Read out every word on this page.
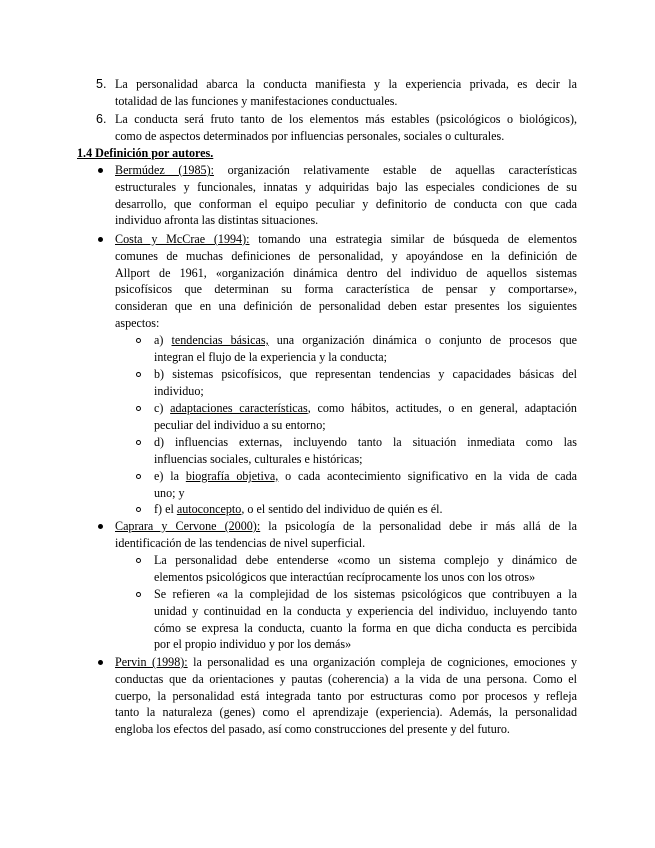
5. La personalidad abarca la conducta manifiesta y la experiencia privada, es decir la
totalidad de las funciones y manifestaciones conductuales.
6. La conducta será fruto tanto de los elementos más estables (psicológicos o biológicos),
como de aspectos determinados por influencias personales, sociales o culturales.
1.4 Definición por autores.
Bermúdez (1985): organización relativamente estable de aquellas características
estructurales y funcionales, innatas y adquiridas bajo las especiales condiciones de su
desarrollo, que conforman el equipo peculiar y definitorio de conducta con que cada
individuo afronta las distintas situaciones.
Costa y McCrae (1994): tomando una estrategia similar de búsqueda de elementos
comunes de muchas definiciones de personalidad, y apoyándose en la definición de
Allport de 1961, «organización dinámica dentro del individuo de aquellos sistemas
psicofísicos que determinan su forma característica de pensar y comportarse»,
consideran que en una definición de personalidad deben estar presentes los siguientes
aspectos:
a) tendencias básicas, una organización dinámica o conjunto de procesos que
integran el flujo de la experiencia y la conducta;
b) sistemas psicofísicos, que representan tendencias y capacidades básicas del
individuo;
c) adaptaciones características, como hábitos, actitudes, o en general, adaptación
peculiar del individuo a su entorno;
d) influencias externas, incluyendo tanto la situación inmediata como las
influencias sociales, culturales e históricas;
e) la biografía objetiva, o cada acontecimiento significativo en la vida de cada
uno; y
f) el autoconcepto, o el sentido del individuo de quién es él.
Caprara y Cervone (2000): la psicología de la personalidad debe ir más allá de la
identificación de las tendencias de nivel superficial.
La personalidad debe entenderse «como un sistema complejo y dinámico de
elementos psicológicos que interactúan recíprocamente los unos con los otros»
Se refieren «a la complejidad de los sistemas psicológicos que contribuyen a la
unidad y continuidad en la conducta y experiencia del individuo, incluyendo tanto
cómo se expresa la conducta, cuanto la forma en que dicha conducta es percibida
por el propio individuo y por los demás»
Pervin (1998): la personalidad es una organización compleja de cogniciones, emociones y
conductas que da orientaciones y pautas (coherencia) a la vida de una persona. Como el
cuerpo, la personalidad está integrada tanto por estructuras como por procesos y refleja
tanto la naturaleza (genes) como el aprendizaje (experiencia). Además, la personalidad
engloba los efectos del pasado, así como construcciones del presente y del futuro.
